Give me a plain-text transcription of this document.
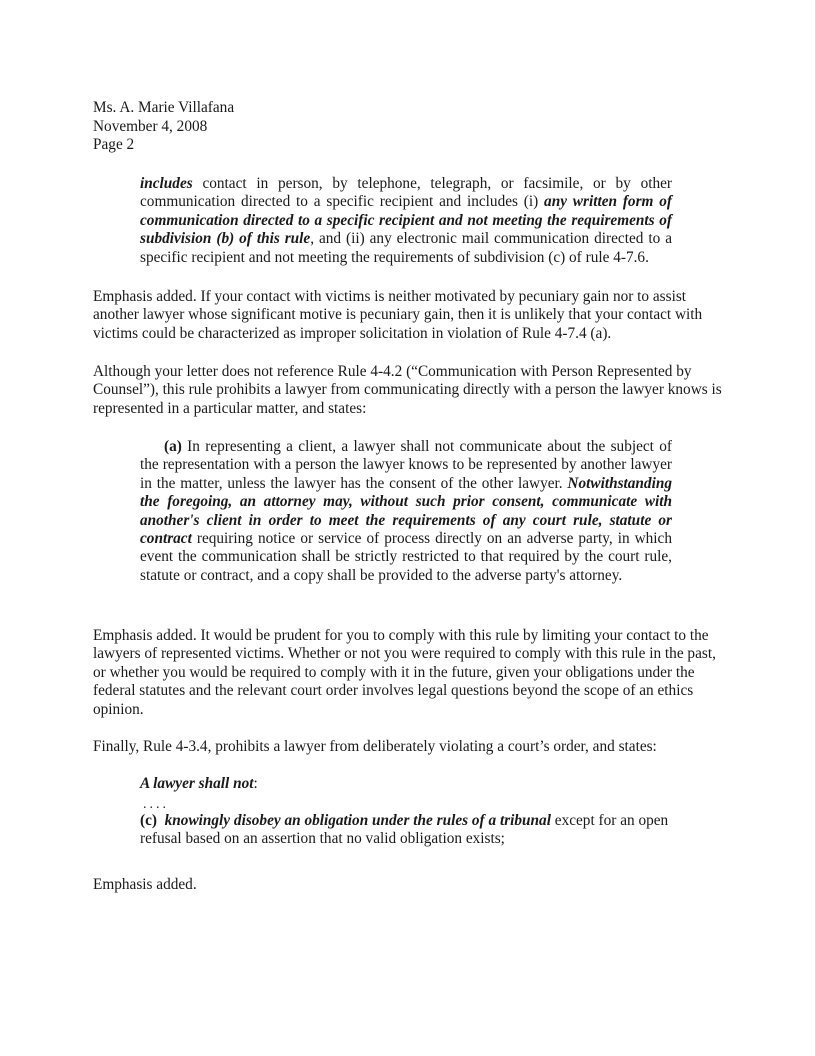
Ms. A. Marie Villafana
November 4, 2008
Page 2
includes contact in person, by telephone, telegraph, or facsimile, or by other communication directed to a specific recipient and includes (i) any written form of communication directed to a specific recipient and not meeting the requirements of subdivision (b) of this rule, and (ii) any electronic mail communication directed to a specific recipient and not meeting the requirements of subdivision (c) of rule 4-7.6.
Emphasis added. If your contact with victims is neither motivated by pecuniary gain nor to assist another lawyer whose significant motive is pecuniary gain, then it is unlikely that your contact with victims could be characterized as improper solicitation in violation of Rule 4-7.4 (a).
Although your letter does not reference Rule 4-4.2 (“Communication with Person Represented by Counsel”), this rule prohibits a lawyer from communicating directly with a person the lawyer knows is represented in a particular matter, and states:
(a) In representing a client, a lawyer shall not communicate about the subject of the representation with a person the lawyer knows to be represented by another lawyer in the matter, unless the lawyer has the consent of the other lawyer. Notwithstanding the foregoing, an attorney may, without such prior consent, communicate with another's client in order to meet the requirements of any court rule, statute or contract requiring notice or service of process directly on an adverse party, in which event the communication shall be strictly restricted to that required by the court rule, statute or contract, and a copy shall be provided to the adverse party's attorney.
Emphasis added. It would be prudent for you to comply with this rule by limiting your contact to the lawyers of represented victims. Whether or not you were required to comply with this rule in the past, or whether you would be required to comply with it in the future, given your obligations under the federal statutes and the relevant court order involves legal questions beyond the scope of an ethics opinion.
Finally, Rule 4-3.4, prohibits a lawyer from deliberately violating a court’s order, and states:
A lawyer shall not:
....
(c) knowingly disobey an obligation under the rules of a tribunal except for an open refusal based on an assertion that no valid obligation exists;
Emphasis added.
